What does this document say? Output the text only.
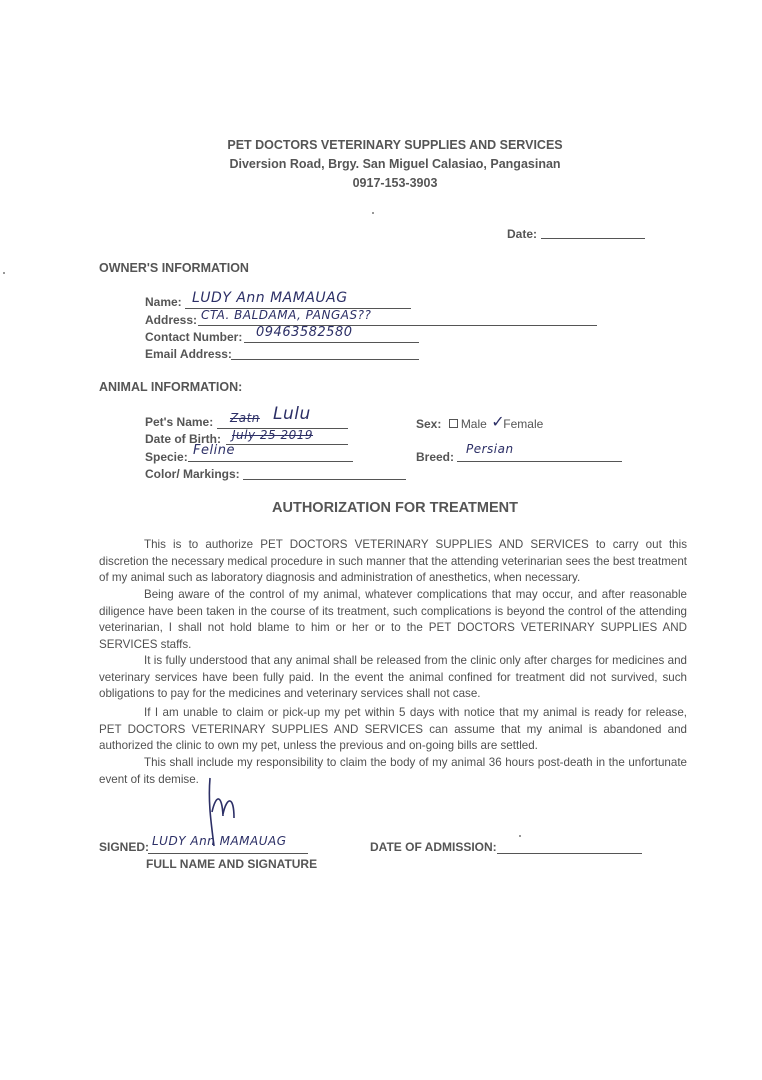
PET DOCTORS VETERINARY SUPPLIES AND SERVICES
Diversion Road, Brgy. San Miguel Calasiao, Pangasinan
0917-153-3903
Date:
OWNER'S INFORMATION
Name: LUDY Ann MAMAUAG
Address: CTA. BALDAMA, PANGAS??
Contact Number: 09463582580
Email Address:
ANIMAL INFORMATION:
Pet's Name: Zatn Lulu
Date of Birth: July 25 2019
Specie: Feline
Color/ Markings:
Sex: Male ✓
Female
Breed:
Persian
AUTHORIZATION FOR TREATMENT

This is to authorize PET DOCTORS VETERINARY SUPPLIES AND SERVICES to carry out this discretion the necessary medical procedure in such manner that the attending veterinarian sees the best treatment of my animal such as laboratory diagnosis and administration of anesthetics, when necessary.

Being aware of the control of my animal, whatever complications that may occur, and after reasonable diligence have been taken in the course of its treatment, such complications is beyond the control of the attending veterinarian, I shall not hold blame to him or her or to the PET DOCTORS VETERINARY SUPPLIES AND SERVICES staffs.

It is fully understood that any animal shall be released from the clinic only after charges for medicines and veterinary services have been fully paid. In the event the animal confined for treatment did not survived, such obligations to pay for the medicines and veterinary services shall not case.

If I am unable to claim or pick-up my pet within 5 days with notice that my animal is ready for release, PET DOCTORS VETERINARY SUPPLIES AND SERVICES can assume that my animal is abandoned and authorized the clinic to own my pet, unless the previous and on-going bills are settled.

This shall include my responsibility to claim the body of my animal 36 hours post-death in the unfortunate event of its demise.

SIGNED: LUDY Ann MAMAUAG
FULL NAME AND SIGNATURE
DATE OF ADMISSION:
